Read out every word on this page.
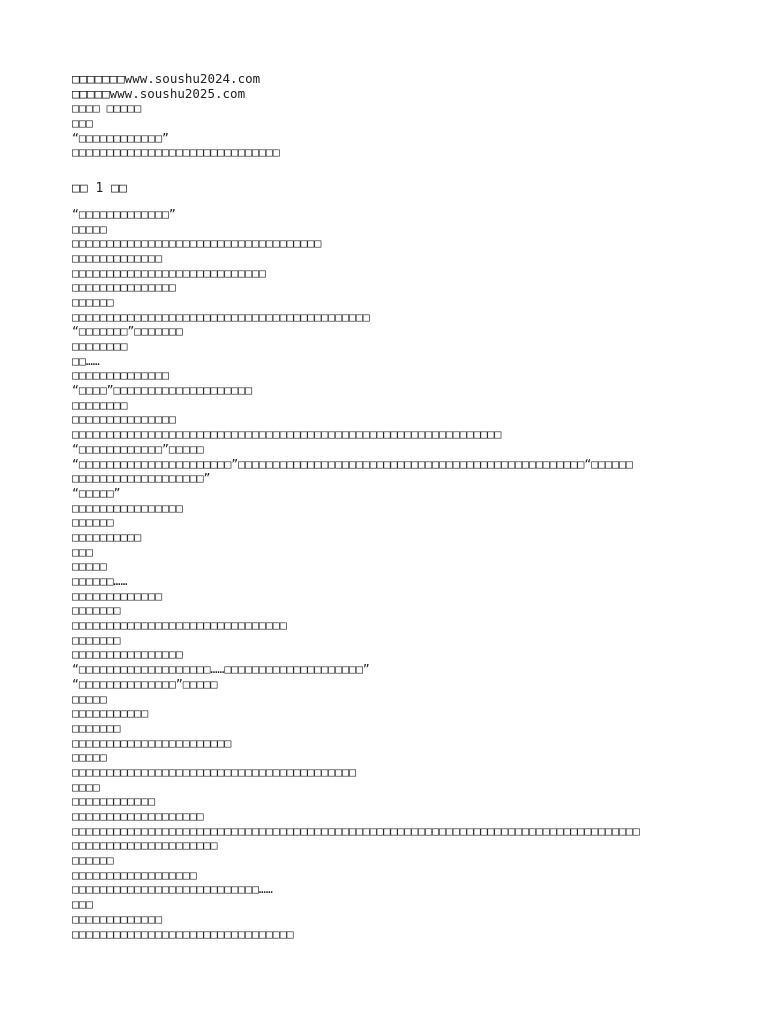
□□□□□□□www.soushu2024.com
□□□□□www.soushu2025.com
□□□□ □□□□□
□□□
“□□□□□□□□□□□□”
□□□□□□□□□□□□□□□□□□□□□□□□□□□□□□
□□ 1 □□
“□□□□□□□□□□□□□”
□□□□□
□□□□□□□□□□□□□□□□□□□□□□□□□□□□□□□□□□□□
□□□□□□□□□□□□□
□□□□□□□□□□□□□□□□□□□□□□□□□□□□
□□□□□□□□□□□□□□□
□□□□□□
□□□□□□□□□□□□□□□□□□□□□□□□□□□□□□□□□□□□□□□□□□□
“□□□□□□□”□□□□□□□
□□□□□□□□
□□……
□□□□□□□□□□□□□□
“□□□□”□□□□□□□□□□□□□□□□□□□□
□□□□□□□□
□□□□□□□□□□□□□□□
□□□□□□□□□□□□□□□□□□□□□□□□□□□□□□□□□□□□□□□□□□□□□□□□□□□□□□□□□□□□□□
“□□□□□□□□□□□□”□□□□□
“□□□□□□□□□□□□□□□□□□□□□□”□□□□□□□□□□□□□□□□□□□□□□□□□□□□□□□□□□□□□□□□□□□□□□□□□□“□□□□□□
□□□□□□□□□□□□□□□□□□□”
“□□□□□”
□□□□□□□□□□□□□□□□
□□□□□□
□□□□□□□□□□
□□□
□□□□□
□□□□□□……
□□□□□□□□□□□□□
□□□□□□□
□□□□□□□□□□□□□□□□□□□□□□□□□□□□□□□
□□□□□□□
□□□□□□□□□□□□□□□□
“□□□□□□□□□□□□□□□□□□□……□□□□□□□□□□□□□□□□□□□□”
“□□□□□□□□□□□□□□”□□□□□
□□□□□
□□□□□□□□□□□
□□□□□□□
□□□□□□□□□□□□□□□□□□□□□□□
□□□□□
□□□□□□□□□□□□□□□□□□□□□□□□□□□□□□□□□□□□□□□□□
□□□□
□□□□□□□□□□□□
□□□□□□□□□□□□□□□□□□□
□□□□□□□□□□□□□□□□□□□□□□□□□□□□□□□□□□□□□□□□□□□□□□□□□□□□□□□□□□□□□□□□□□□□□□□□□□□□□□□□□□
□□□□□□□□□□□□□□□□□□□□□
□□□□□□
□□□□□□□□□□□□□□□□□□
□□□□□□□□□□□□□□□□□□□□□□□□□□□……
□□□
□□□□□□□□□□□□□
□□□□□□□□□□□□□□□□□□□□□□□□□□□□□□□□
